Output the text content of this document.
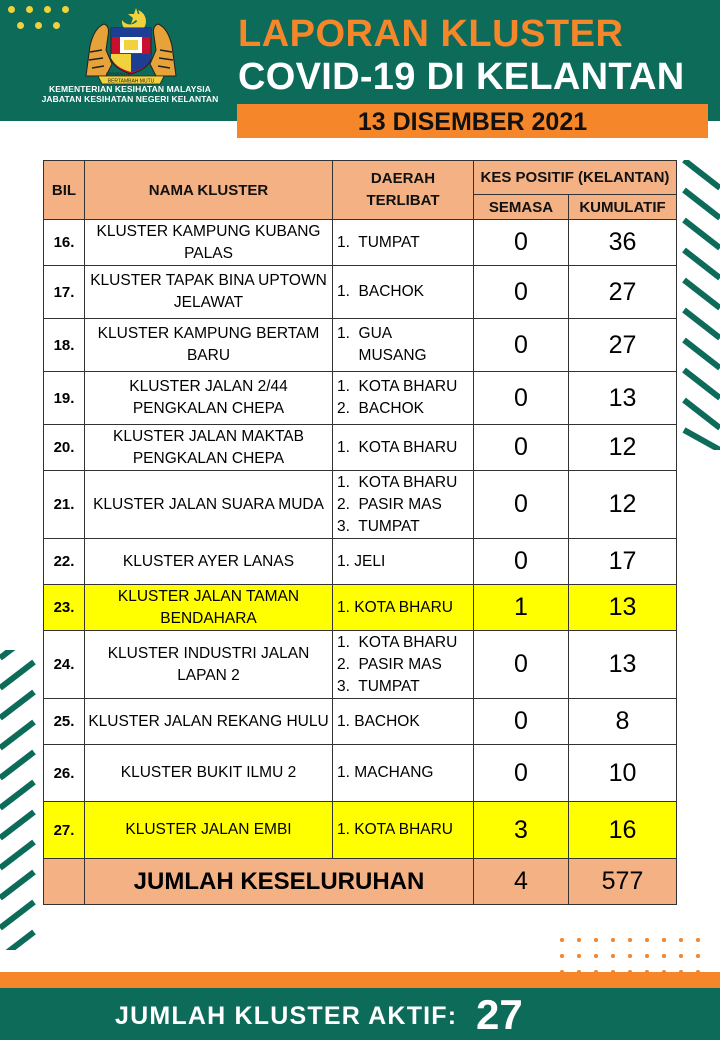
BERTAMBAH MUTU
BERSEKUTU
KEMENTERIAN KESIHATAN MALAYSIA
JABATAN KESIHATAN NEGERI KELANTAN
LAPORAN KLUSTER
COVID-19 DI KELANTAN
13 DISEMBER 2021
BIL	NAMA KLUSTER	DAERAH
TERLIBAT	KES POSITIF (KELANTAN)	
			SEMASA	KUMULATIF
16.	KLUSTER KAMPUNG KUBANG PALAS	1.  TUMPAT	0	36
17.	KLUSTER TAPAK BINA UPTOWN JELAWAT	1.  BACHOK	0	27
18.	KLUSTER KAMPUNG BERTAM BARU	1.  GUA
MUSANG	0	27
19.	KLUSTER JALAN 2/44 PENGKALAN CHEPA	1.  KOTA BHARU
2.  BACHOK	0	13
20.	KLUSTER JALAN MAKTAB PENGKALAN CHEPA	1.  KOTA BHARU	0	12
21.	KLUSTER JALAN SUARA MUDA	1.  KOTA BHARU
2.  PASIR MAS
3.  TUMPAT	0	12
22.	KLUSTER AYER LANAS	1. JELI	0	17
23.	KLUSTER JALAN TAMAN BENDAHARA	1. KOTA BHARU	1	13
24.	KLUSTER INDUSTRI JALAN LAPAN 2	1.  KOTA BHARU
2.  PASIR MAS
3.  TUMPAT	0	13
25.	KLUSTER JALAN REKANG HULU	1. BACHOK	0	8
26.	KLUSTER BUKIT ILMU 2	1. MACHANG	0	10
27.	KLUSTER JALAN EMBI	1. KOTA BHARU	3	16
	JUMLAH KESELURUHAN		4	577
JUMLAH KLUSTER AKTIF: 27
